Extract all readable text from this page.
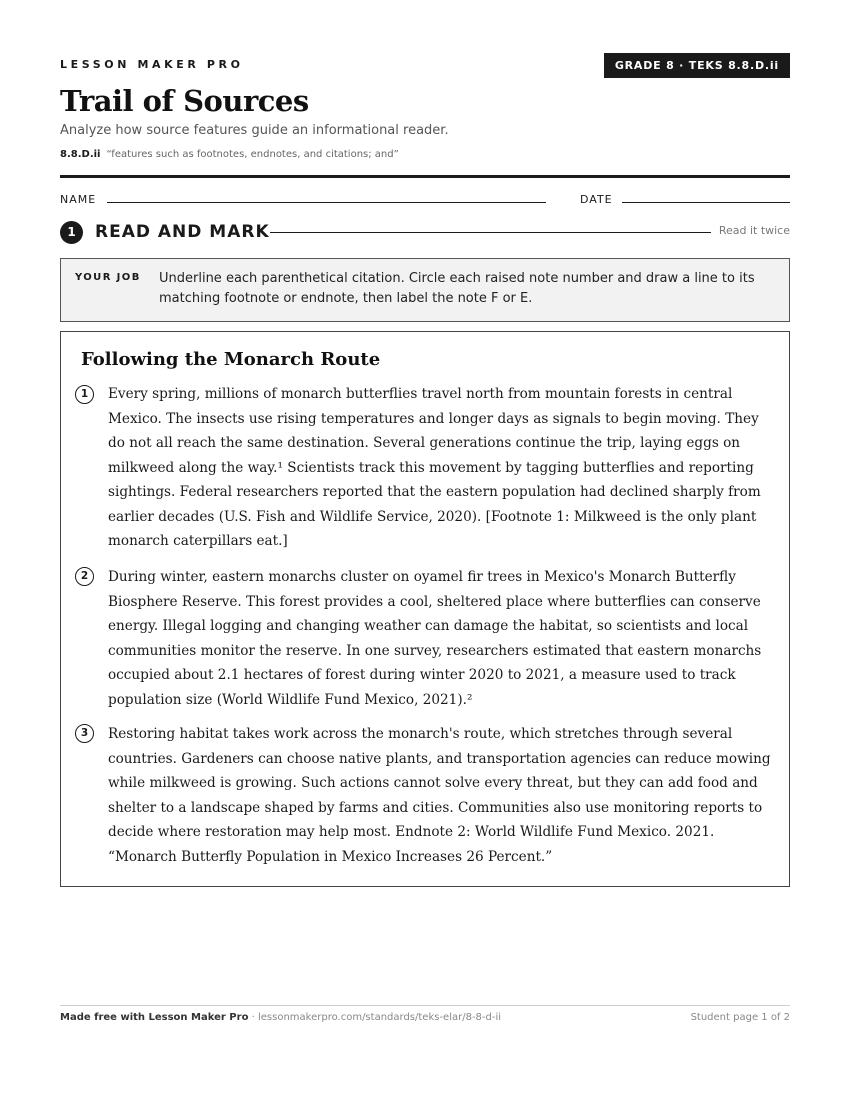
LESSON MAKER PRO	GRADE 8 · TEKS 8.8.D.ii
Trail of Sources
Analyze how source features guide an informational reader.
8.8.D.ii “features such as footnotes, endnotes, and citations; and”
NAME	DATE
1	READ AND MARK	Read it twice
YOUR JOB Underline each parenthetical citation. Circle each raised note number and draw a line to its matching footnote or endnote, then label the note F or E.
Following the Monarch Route
1	Every spring, millions of monarch butterflies travel north from mountain forests in central Mexico. The insects use rising temperatures and longer days as signals to begin moving. They do not all reach the same destination. Several generations continue the trip, laying eggs on milkweed along the way.¹ Scientists track this movement by tagging butterflies and reporting sightings. Federal researchers reported that the eastern population had declined sharply from earlier decades (U.S. Fish and Wildlife Service, 2020). [Footnote 1: Milkweed is the only plant monarch caterpillars eat.]
2	During winter, eastern monarchs cluster on oyamel fir trees in Mexico's Monarch Butterfly Biosphere Reserve. This forest provides a cool, sheltered place where butterflies can conserve energy. Illegal logging and changing weather can damage the habitat, so scientists and local communities monitor the reserve. In one survey, researchers estimated that eastern monarchs occupied about 2.1 hectares of forest during winter 2020 to 2021, a measure used to track population size (World Wildlife Fund Mexico, 2021).²
3	Restoring habitat takes work across the monarch's route, which stretches through several countries. Gardeners can choose native plants, and transportation agencies can reduce mowing while milkweed is growing. Such actions cannot solve every threat, but they can add food and shelter to a landscape shaped by farms and cities. Communities also use monitoring reports to decide where restoration may help most. Endnote 2: World Wildlife Fund Mexico. 2021. “Monarch Butterfly Population in Mexico Increases 26 Percent.”
Made free with Lesson Maker Pro · lessonmakerpro.com/standards/teks-elar/8-8-d-ii	Student page 1 of 2
